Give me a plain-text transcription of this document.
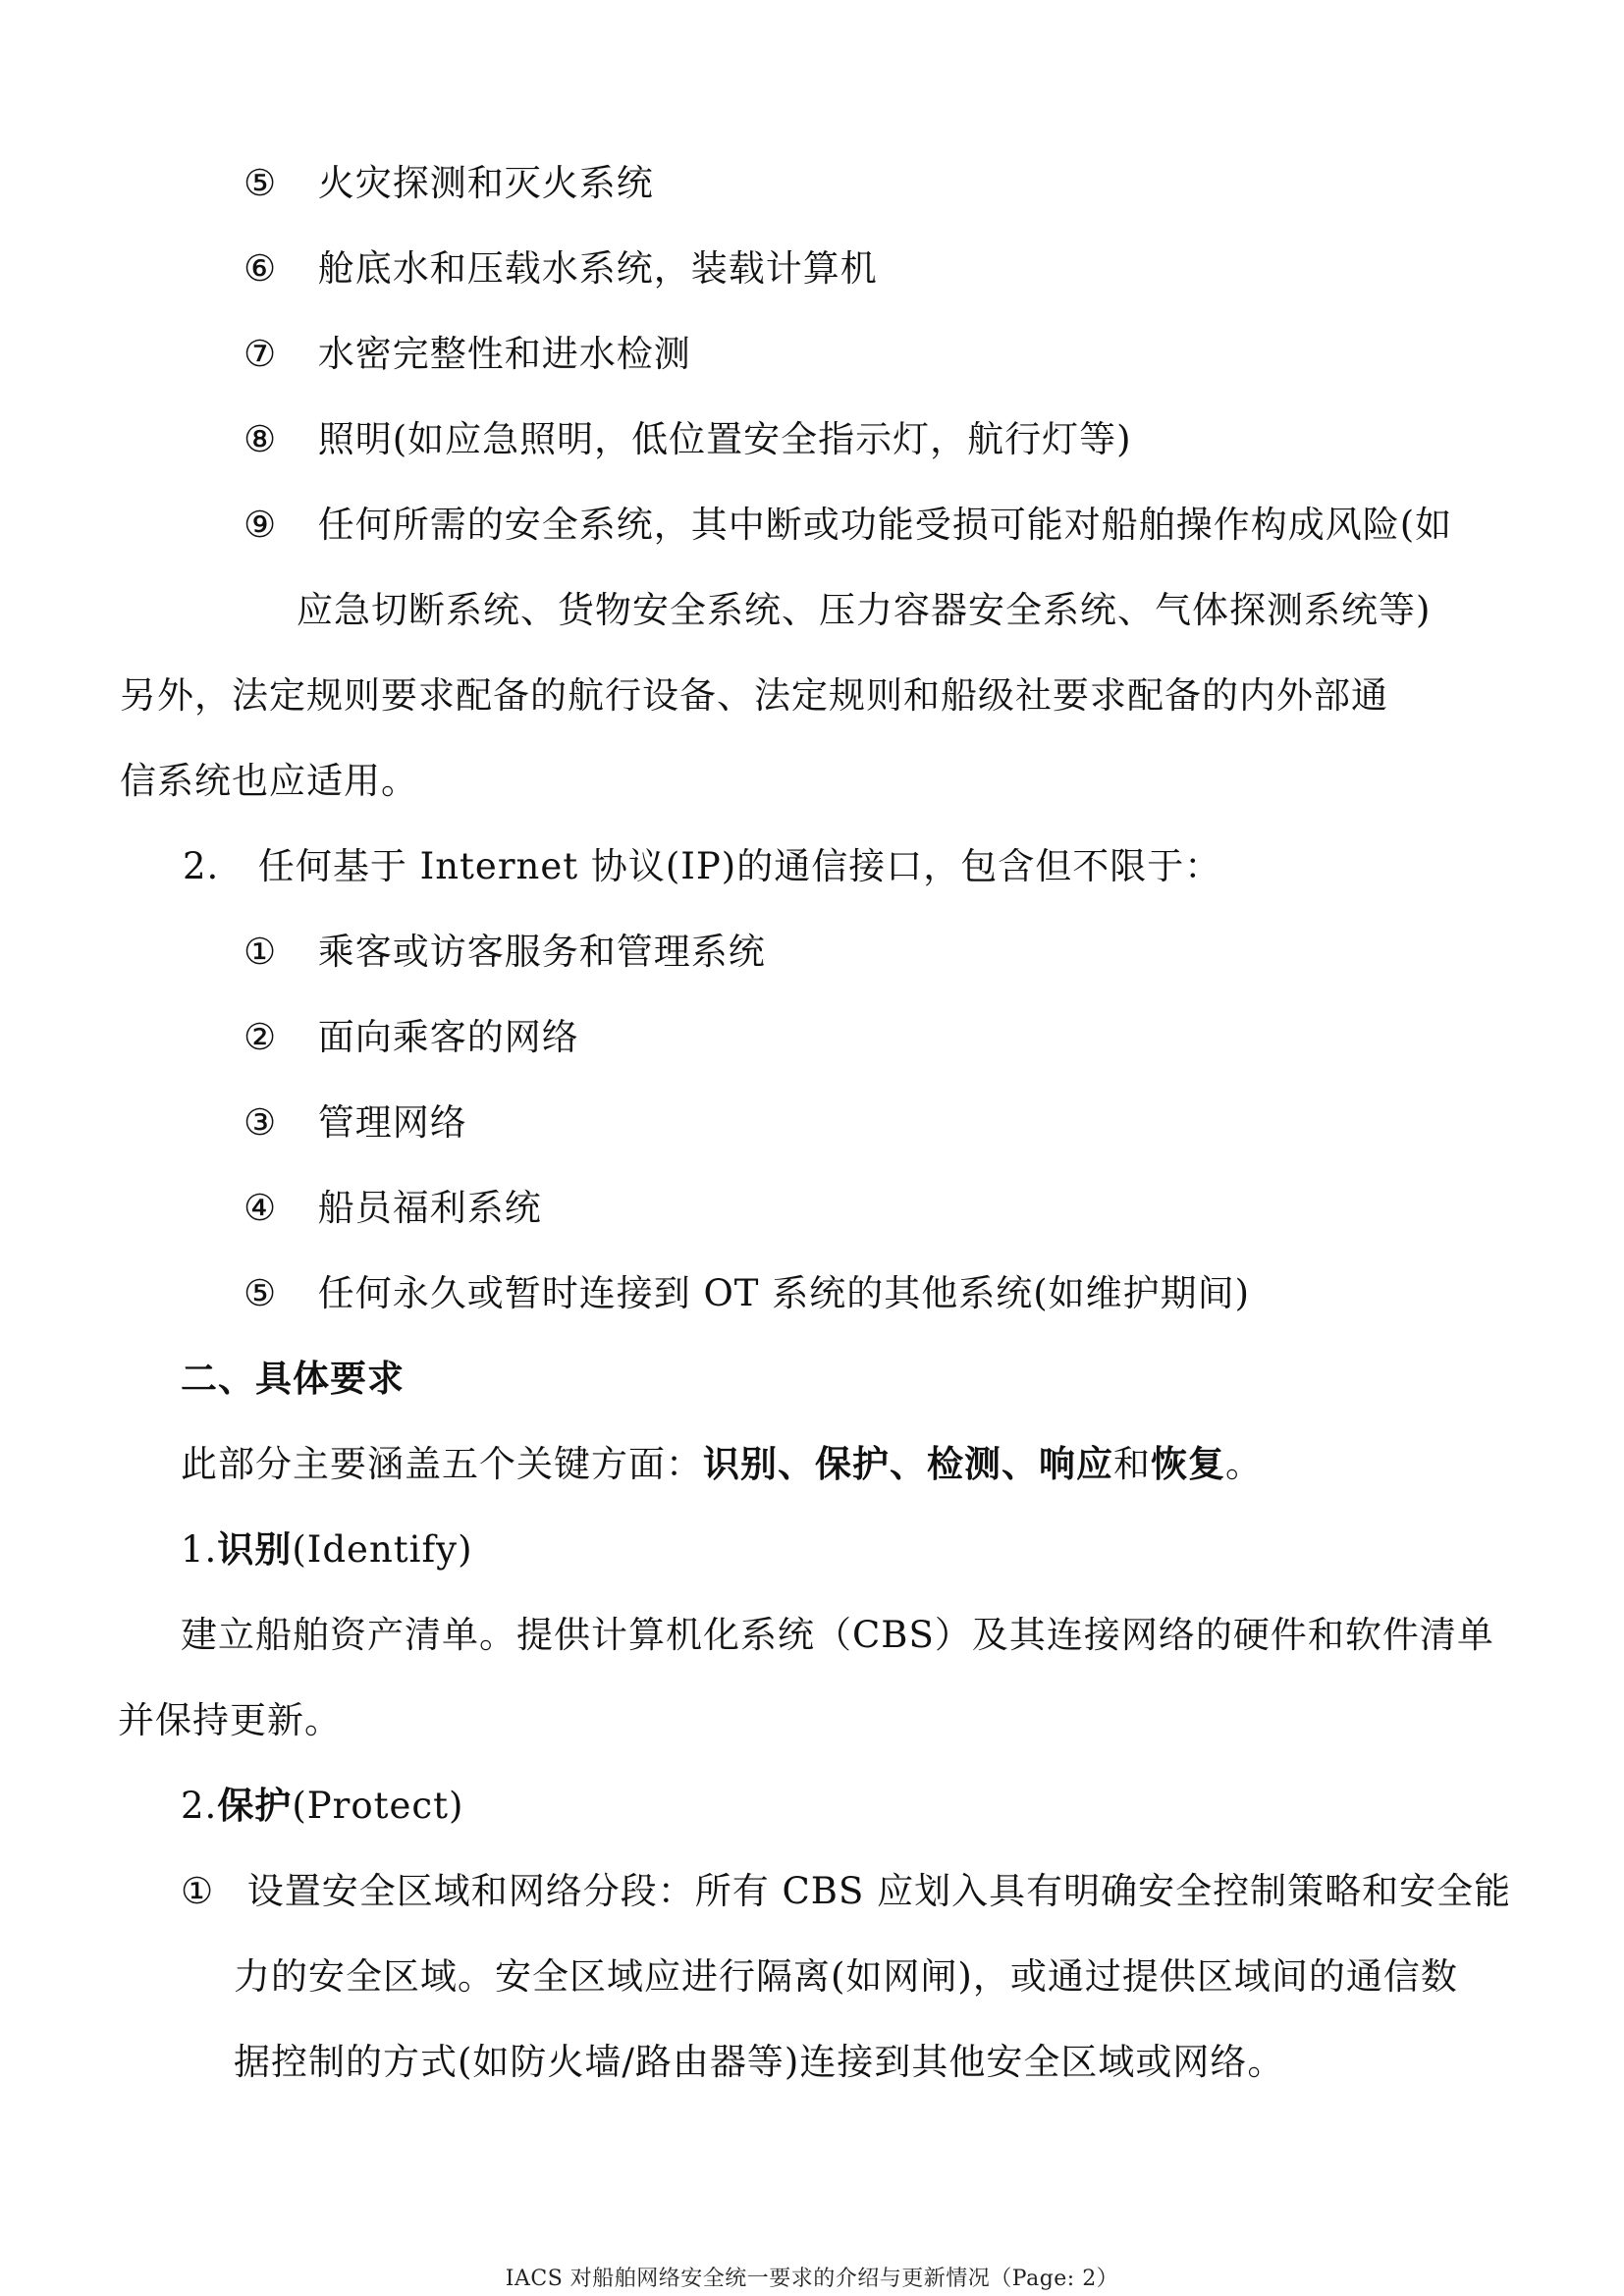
⑤ 火灾探测和灭火系统
⑥ 舱底水和压载水系统，装载计算机
⑦ 水密完整性和进水检测
⑧ 照明(如应急照明，低位置安全指示灯，航行灯等)
⑨ 任何所需的安全系统，其中断或功能受损可能对船舶操作构成风险(如
应急切断系统、货物安全系统、压力容器安全系统、气体探测系统等)
另外，法定规则要求配备的航行设备、法定规则和船级社要求配备的内外部通
信系统也应适用。
2. 任何基于 Internet 协议(IP)的通信接口，包含但不限于：
① 乘客或访客服务和管理系统
② 面向乘客的网络
③ 管理网络
④ 船员福利系统
⑤ 任何永久或暂时连接到 OT 系统的其他系统(如维护期间)
二、具体要求
此部分主要涵盖五个关键方面：识别、保护、检测、响应和恢复。
1.识别(Identify)
建立船舶资产清单。提供计算机化系统（CBS）及其连接网络的硬件和软件清单
并保持更新。
2.保护(Protect)
① 设置安全区域和网络分段：所有 CBS 应划入具有明确安全控制策略和安全能
力的安全区域。安全区域应进行隔离(如网闸)，或通过提供区域间的通信数
据控制的方式(如防火墙/路由器等)连接到其他安全区域或网络。
IACS 对船舶网络安全统一要求的介绍与更新情况（Page: 2）
